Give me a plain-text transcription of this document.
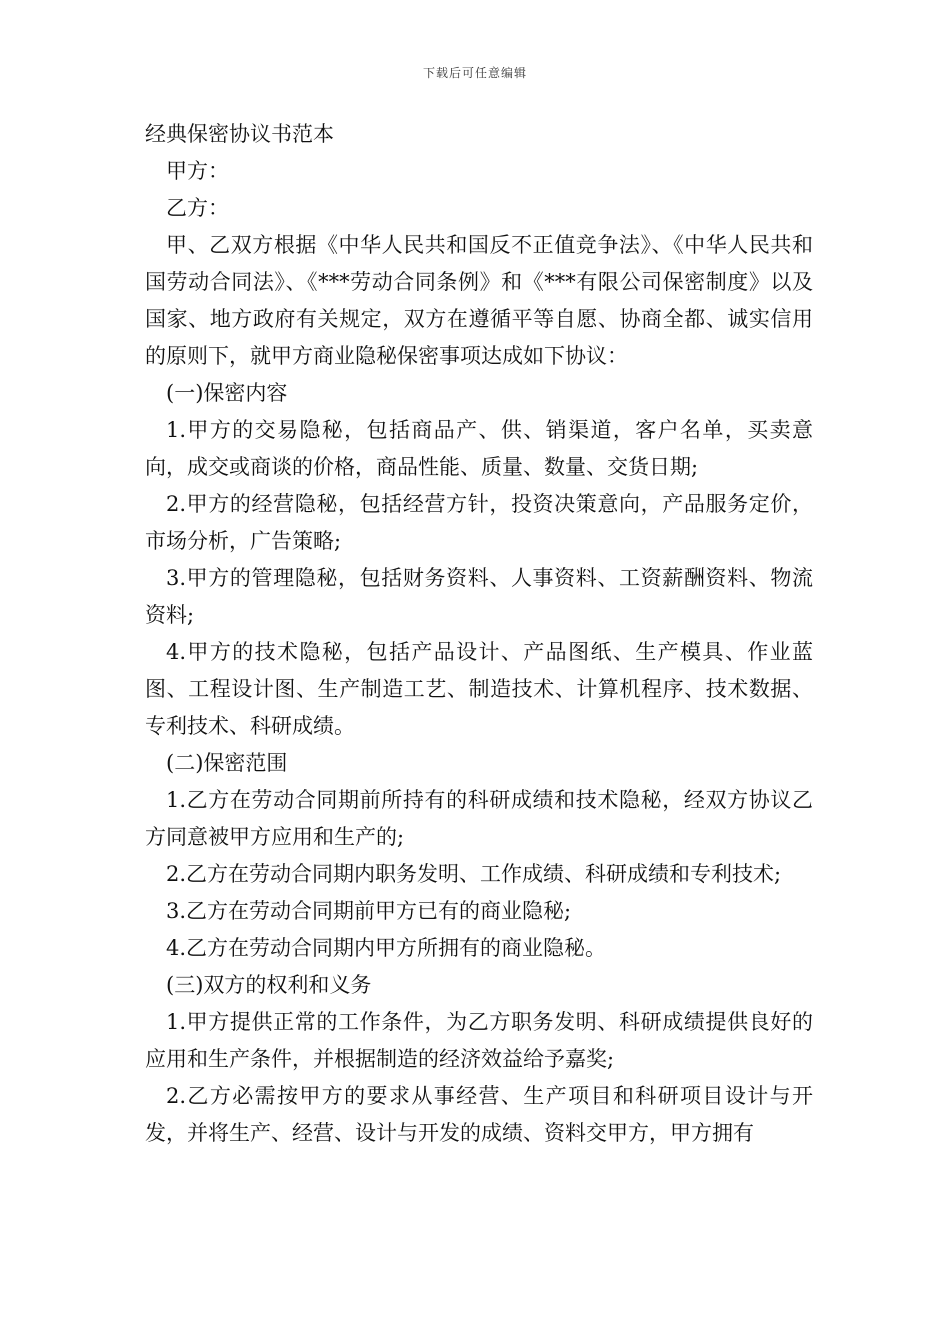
下载后可任意编辑
经典保密协议书范本

甲方：

乙方：

甲、乙双方根据《中华人民共和国反不正值竞争法》、《中华人民共和国劳动合同法》、《***劳动合同条例》和《***有限公司保密制度》以及国家、地方政府有关规定，双方在遵循平等自愿、协商全都、诚实信用的原则下，就甲方商业隐秘保密事项达成如下协议：

(一)保密内容

1.甲方的交易隐秘，包括商品产、供、销渠道，客户名单，买卖意向，成交或商谈的价格，商品性能、质量、数量、交货日期;

2.甲方的经营隐秘，包括经营方针，投资决策意向，产品服务定价，市场分析，广告策略;

3.甲方的管理隐秘，包括财务资料、人事资料、工资薪酬资料、物流资料;

4.甲方的技术隐秘，包括产品设计、产品图纸、生产模具、作业蓝图、工程设计图、生产制造工艺、制造技术、计算机程序、技术数据、专利技术、科研成绩。

(二)保密范围

1.乙方在劳动合同期前所持有的科研成绩和技术隐秘，经双方协议乙方同意被甲方应用和生产的;

2.乙方在劳动合同期内职务发明、工作成绩、科研成绩和专利技术;

3.乙方在劳动合同期前甲方已有的商业隐秘;

4.乙方在劳动合同期内甲方所拥有的商业隐秘。

(三)双方的权利和义务

1.甲方提供正常的工作条件，为乙方职务发明、科研成绩提供良好的应用和生产条件，并根据制造的经济效益给予嘉奖;

2.乙方必需按甲方的要求从事经营、生产项目和科研项目设计与开发，并将生产、经营、设计与开发的成绩、资料交甲方，甲方拥有
